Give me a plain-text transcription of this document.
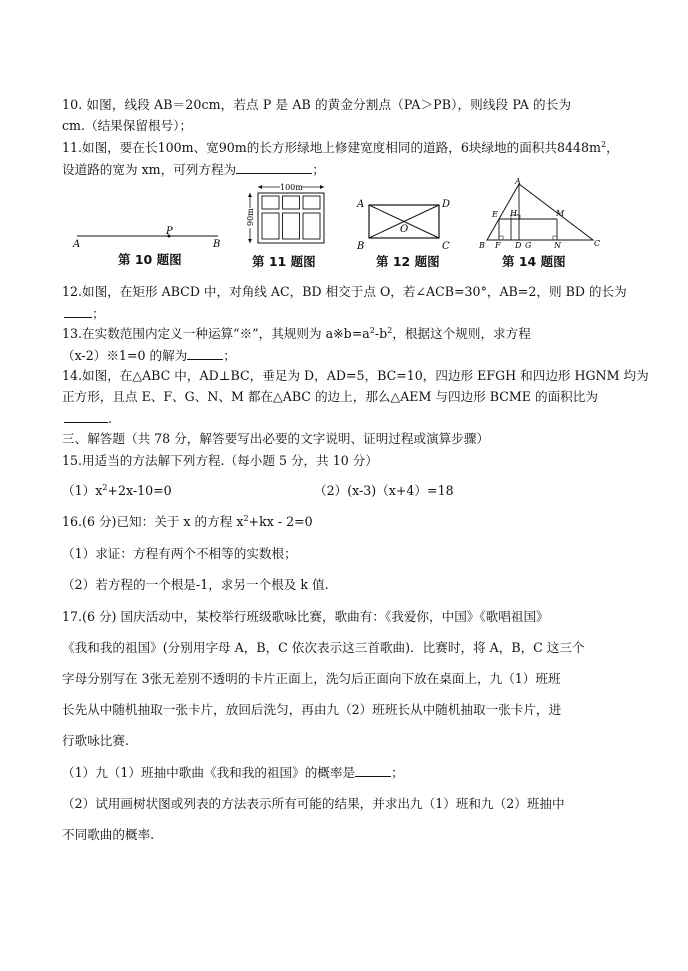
10. 如图，线段 AB＝20cm，若点 P 是 AB 的黄金分割点（PA＞PB），则线段 PA 的长为
cm.（结果保留根号）；
11.如图，要在长100m、宽90m的长方形绿地上修建宽度相同的道路，6块绿地的面积共$8448m^2$，
设道路的宽为 xm，可列方程为	；
A
P
B
第 10 题图
100m
90m
第 11 题图
A	D
B	C
O
第 12 题图
A
E H	M
B F D G	N	C
第 14 题图
12.如图，在矩形 ABCD 中，对角线 AC，BD 相交于点 O，若∠ACB=30°，AB=2，则 BD 的长为
；
13.在实数范围内定义一种运算“※”，其规则为 $a※b=a^2-b^2$，根据这个规则，求方程
（x-2）※1=0 的解为	；
14.如图，在△ABC 中，AD⊥BC，垂足为 D，AD=5，BC=10，四边形 EFGH 和四边形 HGNM 均为
正方形，且点 E、F、G、N、M 都在△ABC 的边上，那么△AEM 与四边形 BCME 的面积比为
.
三、解答题（共 78 分，解答要写出必要的文字说明、证明过程或演算步骤）
15.用适当的方法解下列方程.（每小题 5 分，共 10 分）
$(1)x^2+2x-10=0$	（2）(x-3)（x+4）=18
16.(6 分)已知：关于 x 的方程 $x^2+kx - 2=0$
（1）求证：方程有两个不相等的实数根；
（2）若方程的一个根是-1，求另一个根及 k 值.
17.(6 分) 国庆活动中，某校举行班级歌咏比赛，歌曲有：《我爱你，中国》《歌唱祖国》
《我和我的祖国》(分别用字母 A，B，C 依次表示这三首歌曲)．比赛时，将 A，B，C 这三个
字母分别写在 3张无差别不透明的卡片正面上，洗匀后正面向下放在桌面上，九（1）班班
长先从中随机抽取一张卡片，放回后洗匀，再由九（2）班班长从中随机抽取一张卡片，进
行歌咏比赛.
（1）九（1）班抽中歌曲《我和我的祖国》的概率是	；
（2）试用画树状图或列表的方法表示所有可能的结果，并求出九（1）班和九（2）班抽中
不同歌曲的概率.
